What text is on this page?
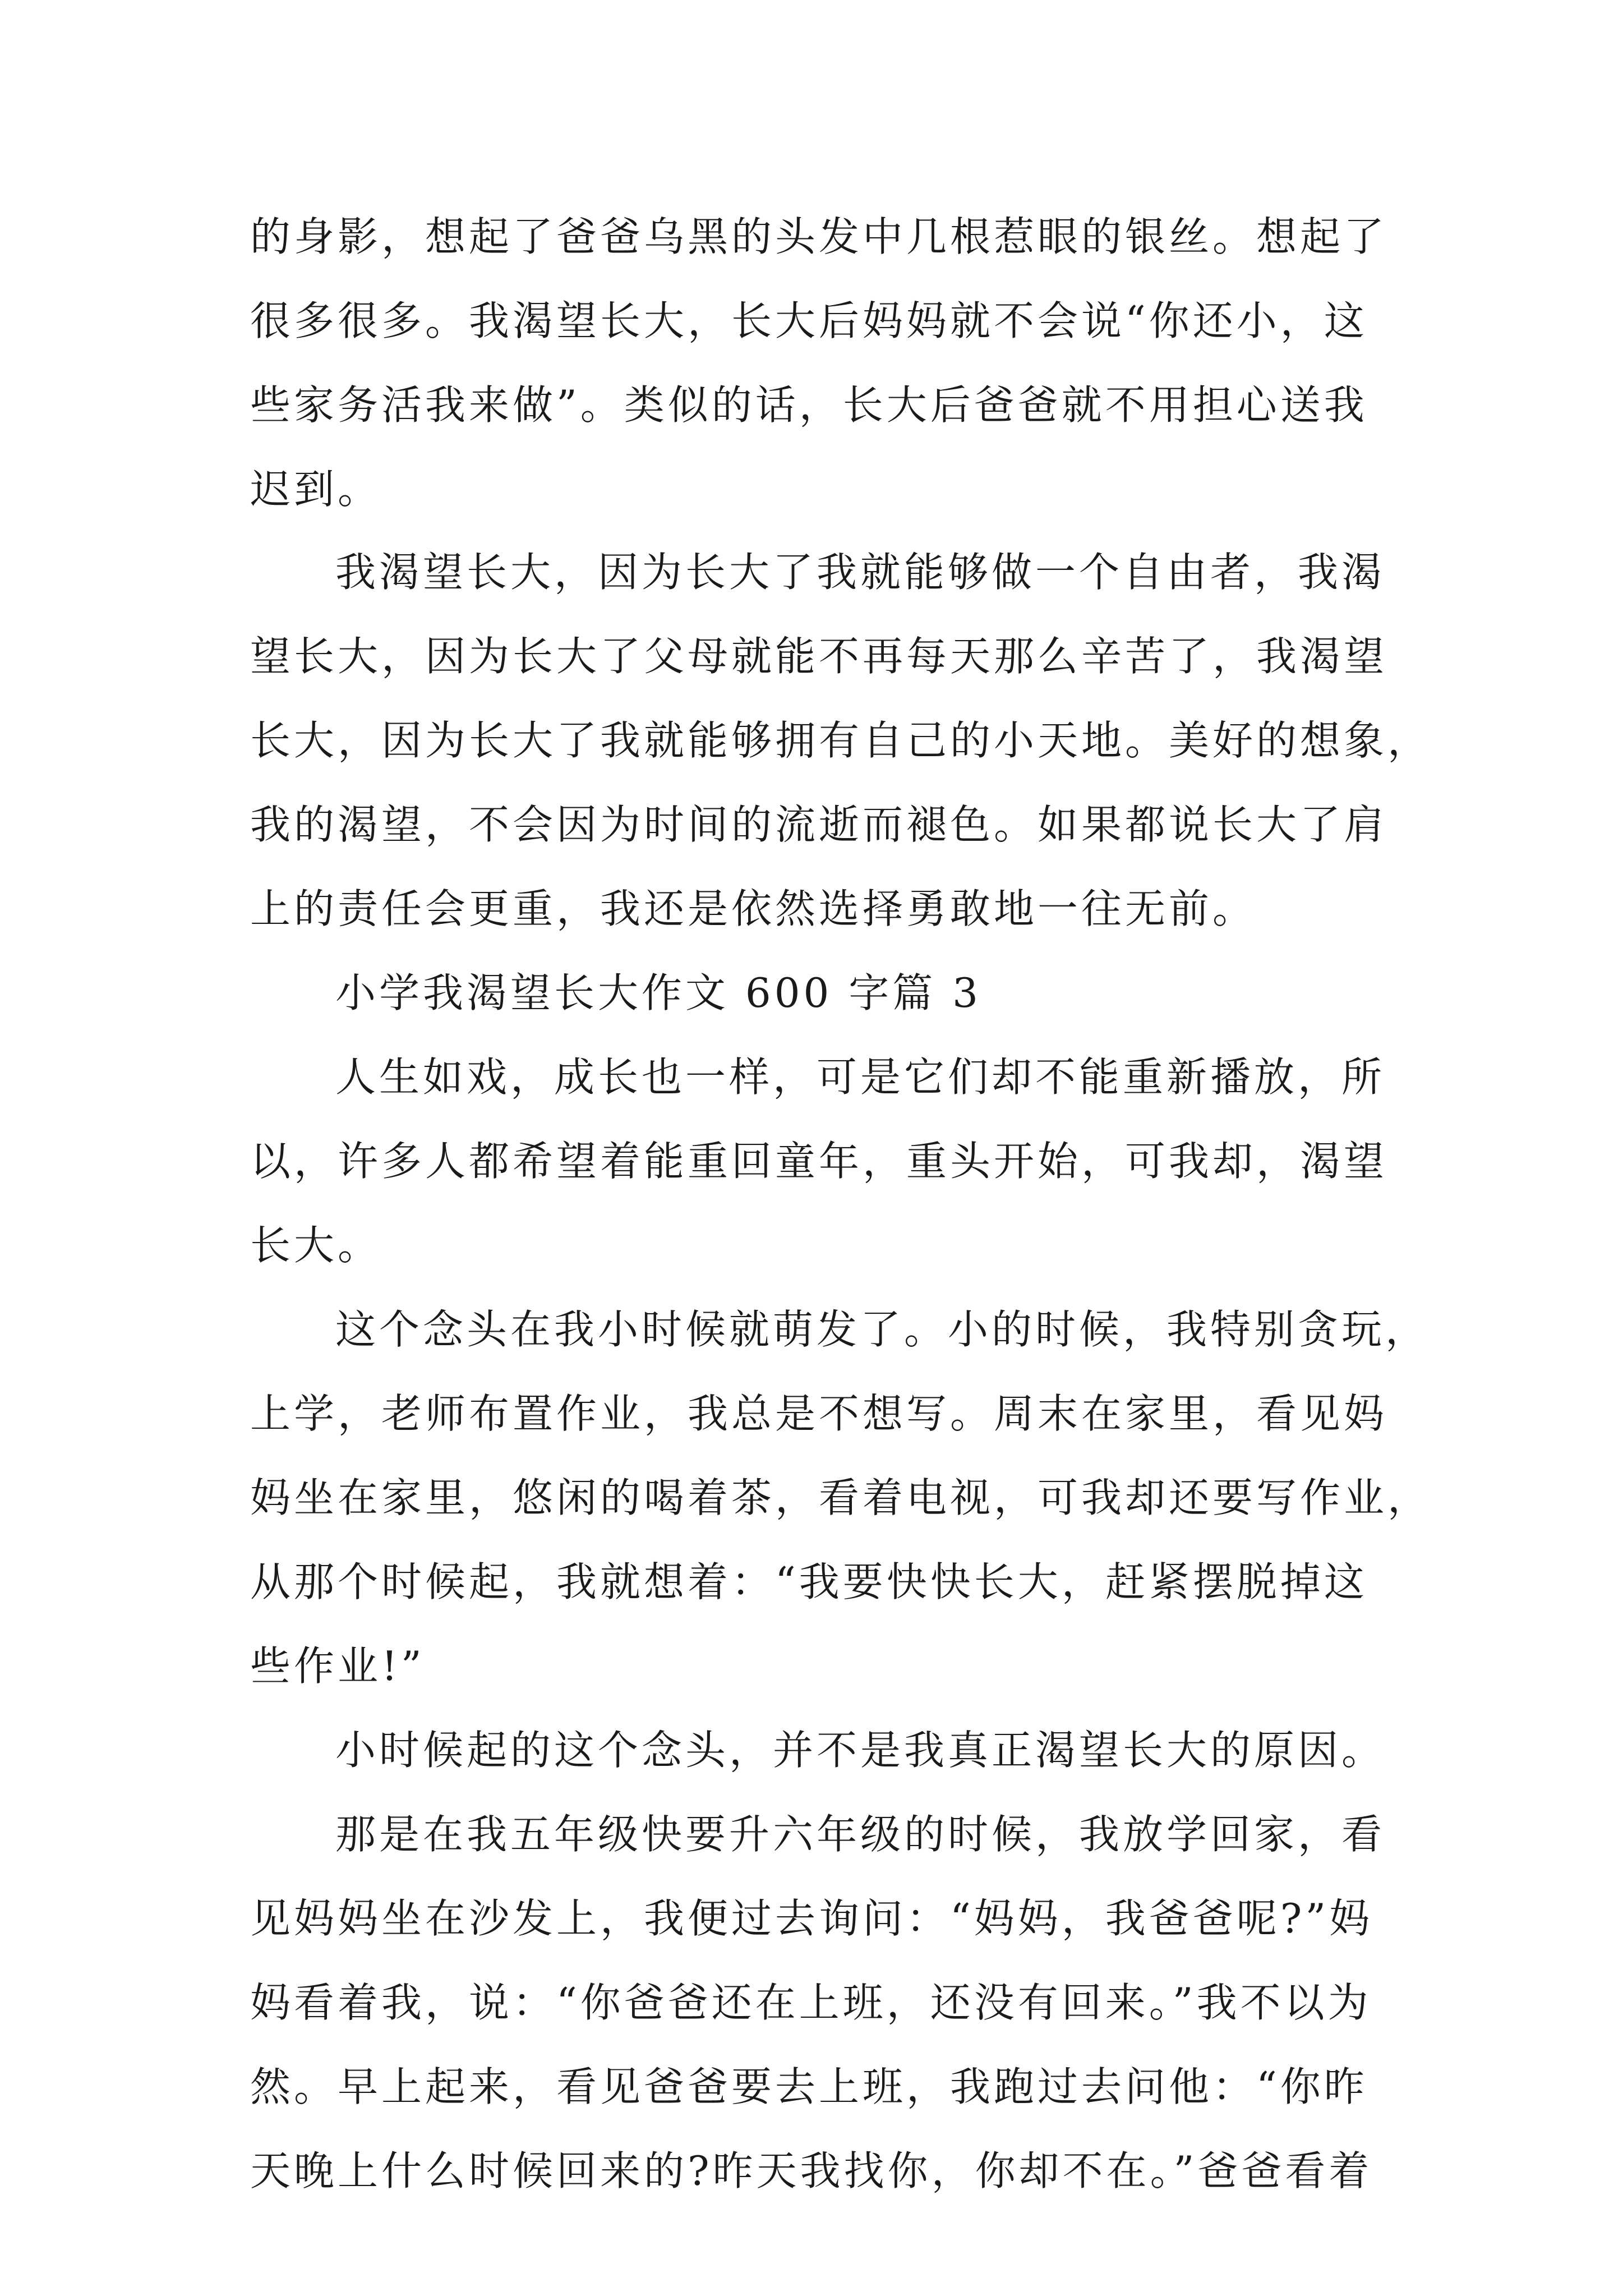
的身影，想起了爸爸乌黑的头发中几根惹眼的银丝。想起了
很多很多。我渴望长大，长大后妈妈就不会说“你还小，这
些家务活我来做”。类似的话，长大后爸爸就不用担心送我
迟到。
我渴望长大，因为长大了我就能够做一个自由者，我渴
望长大，因为长大了父母就能不再每天那么辛苦了，我渴望
长大，因为长大了我就能够拥有自己的小天地。美好的想象，
我的渴望，不会因为时间的流逝而褪色。如果都说长大了肩
上的责任会更重，我还是依然选择勇敢地一往无前。
小学我渴望长大作文 600 字篇 3
人生如戏，成长也一样，可是它们却不能重新播放，所
以，许多人都希望着能重回童年，重头开始，可我却，渴望
长大。
这个念头在我小时候就萌发了。小的时候，我特别贪玩，
上学，老师布置作业，我总是不想写。周末在家里，看见妈
妈坐在家里，悠闲的喝着茶，看着电视，可我却还要写作业，
从那个时候起，我就想着：“我要快快长大，赶紧摆脱掉这
些作业!”
小时候起的这个念头，并不是我真正渴望长大的原因。
那是在我五年级快要升六年级的时候，我放学回家，看
见妈妈坐在沙发上，我便过去询问：“妈妈，我爸爸呢?”妈
妈看着我，说：“你爸爸还在上班，还没有回来。”我不以为
然。早上起来，看见爸爸要去上班，我跑过去问他：“你昨
天晚上什么时候回来的?昨天我找你，你却不在。”爸爸看着
